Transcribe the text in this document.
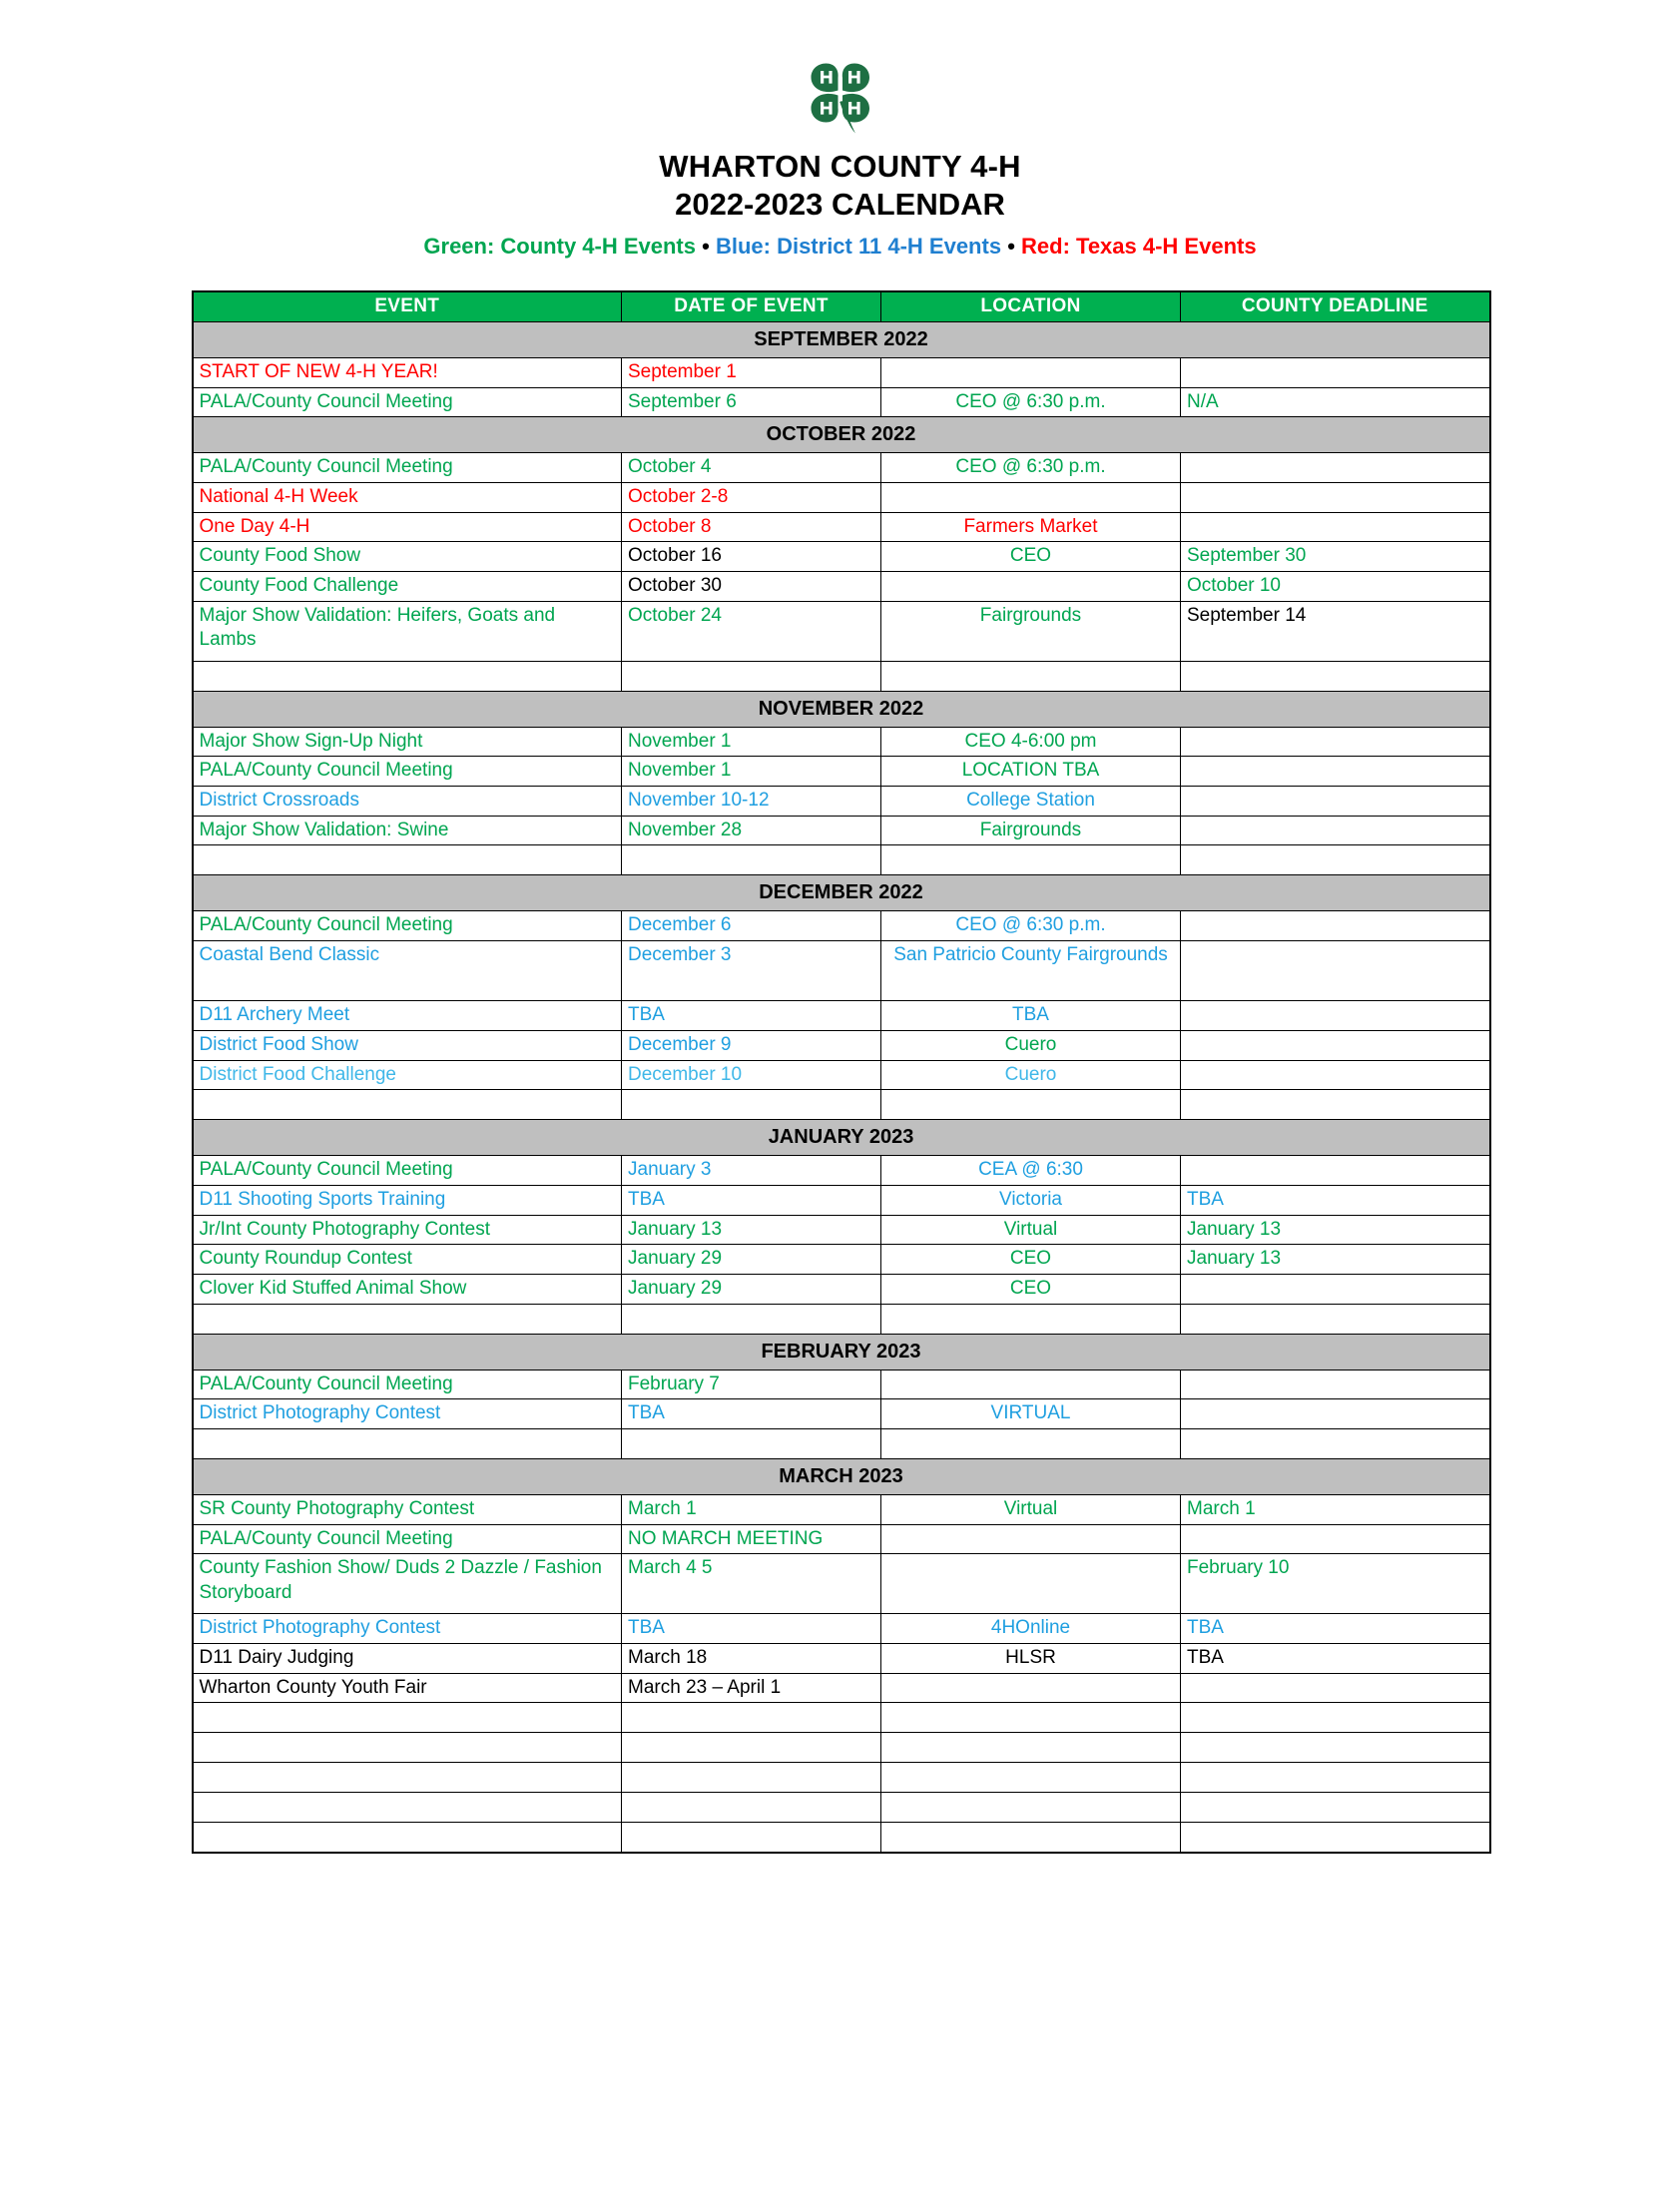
WHARTON COUNTY 4-H
2022-2023 CALENDAR
Green: County 4-H Events • Blue: District 11 4-H Events • Red: Texas 4-H Events
EVENT	DATE OF EVENT	LOCATION	COUNTY DEADLINE
SEPTEMBER 2022			
START OF NEW 4-H YEAR!	September 1		
PALA/County Council Meeting	September 6	CEO @ 6:30 p.m.	N/A
OCTOBER 2022			
PALA/County Council Meeting	October 4	CEO @ 6:30 p.m.	
National 4-H Week	October 2-8		
One Day 4-H	October 8	Farmers Market	
County Food Show	October 16	CEO	September 30
County Food Challenge	October 30		October 10
Major Show Validation: Heifers, Goats and Lambs	October 24	Fairgrounds	September 14

NOVEMBER 2022			
Major Show Sign-Up Night	November 1	CEO 4-6:00 pm	
PALA/County Council Meeting	November 1	LOCATION TBA	
District Crossroads	November 10-12	College Station	
Major Show Validation: Swine	November 28	Fairgrounds	

DECEMBER 2022			
PALA/County Council Meeting	December 6	CEO @ 6:30 p.m.	
Coastal Bend Classic	December 3	San Patricio County Fairgrounds	
D11 Archery Meet	TBA	TBA	
District Food Show	December 9	Cuero	
District Food Challenge	December 10	Cuero	

JANUARY 2023			
PALA/County Council Meeting	January 3	CEA @ 6:30	
D11 Shooting Sports Training	TBA	Victoria	TBA
Jr/Int County Photography Contest	January 13	Virtual	January 13
County Roundup Contest	January 29	CEO	January 13
Clover Kid Stuffed Animal Show	January 29	CEO	

FEBRUARY 2023			
PALA/County Council Meeting	February 7		
District Photography Contest	TBA	VIRTUAL	

MARCH 2023			
SR County Photography Contest	March 1	Virtual	March 1
PALA/County Council Meeting	NO MARCH MEETING		
County Fashion Show/ Duds 2 Dazzle / Fashion Storyboard	March 4 5		February 10
District Photography Contest	TBA	4HOnline	TBA
D11 Dairy Judging	March 18	HLSR	TBA
Wharton County Youth Fair	March 23 – April 1		
